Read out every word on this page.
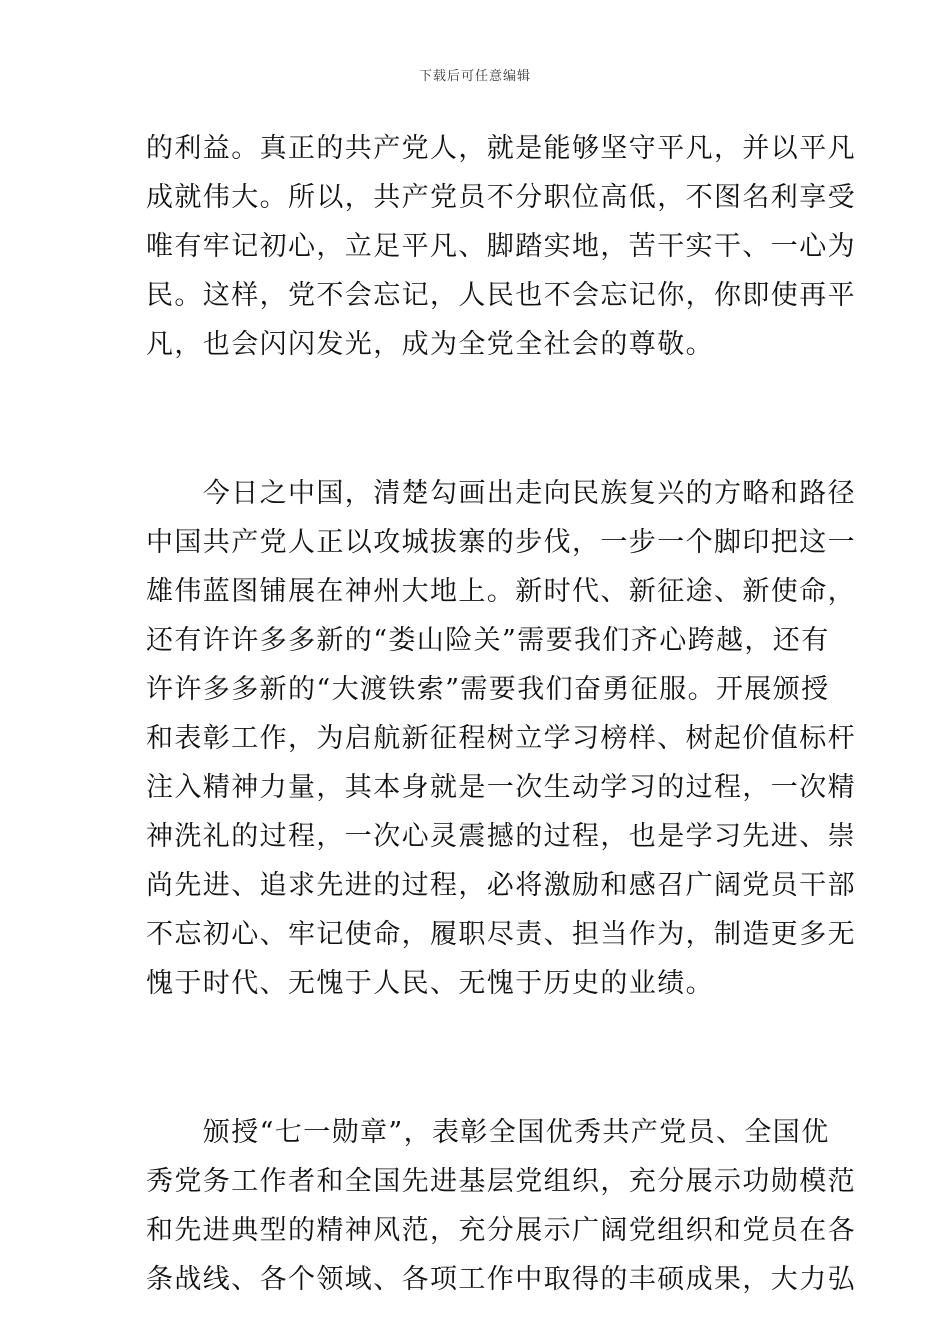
下载后可任意编辑
的利益。真正的共产党人，就是能够坚守平凡，并以平凡
成就伟大。所以，共产党员不分职位高低，不图名利享受
唯有牢记初心，立足平凡、脚踏实地，苦干实干、一心为
民。这样，党不会忘记，人民也不会忘记你，你即使再平
凡，也会闪闪发光，成为全党全社会的尊敬。
　　今日之中国，清楚勾画出走向民族复兴的方略和路径
中国共产党人正以攻城拔寨的步伐，一步一个脚印把这一
雄伟蓝图铺展在神州大地上。新时代、新征途、新使命，
还有许许多多新的“娄山险关”需要我们齐心跨越，还有
许许多多新的“大渡铁索”需要我们奋勇征服。开展颁授
和表彰工作，为启航新征程树立学习榜样、树起价值标杆
注入精神力量，其本身就是一次生动学习的过程，一次精
神洗礼的过程，一次心灵震撼的过程，也是学习先进、崇
尚先进、追求先进的过程，必将激励和感召广阔党员干部
不忘初心、牢记使命，履职尽责、担当作为，制造更多无
愧于时代、无愧于人民、无愧于历史的业绩。
　　颁授“七一勋章”，表彰全国优秀共产党员、全国优
秀党务工作者和全国先进基层党组织，充分展示功勋模范
和先进典型的精神风范，充分展示广阔党组织和党员在各
条战线、各个领域、各项工作中取得的丰硕成果，大力弘
